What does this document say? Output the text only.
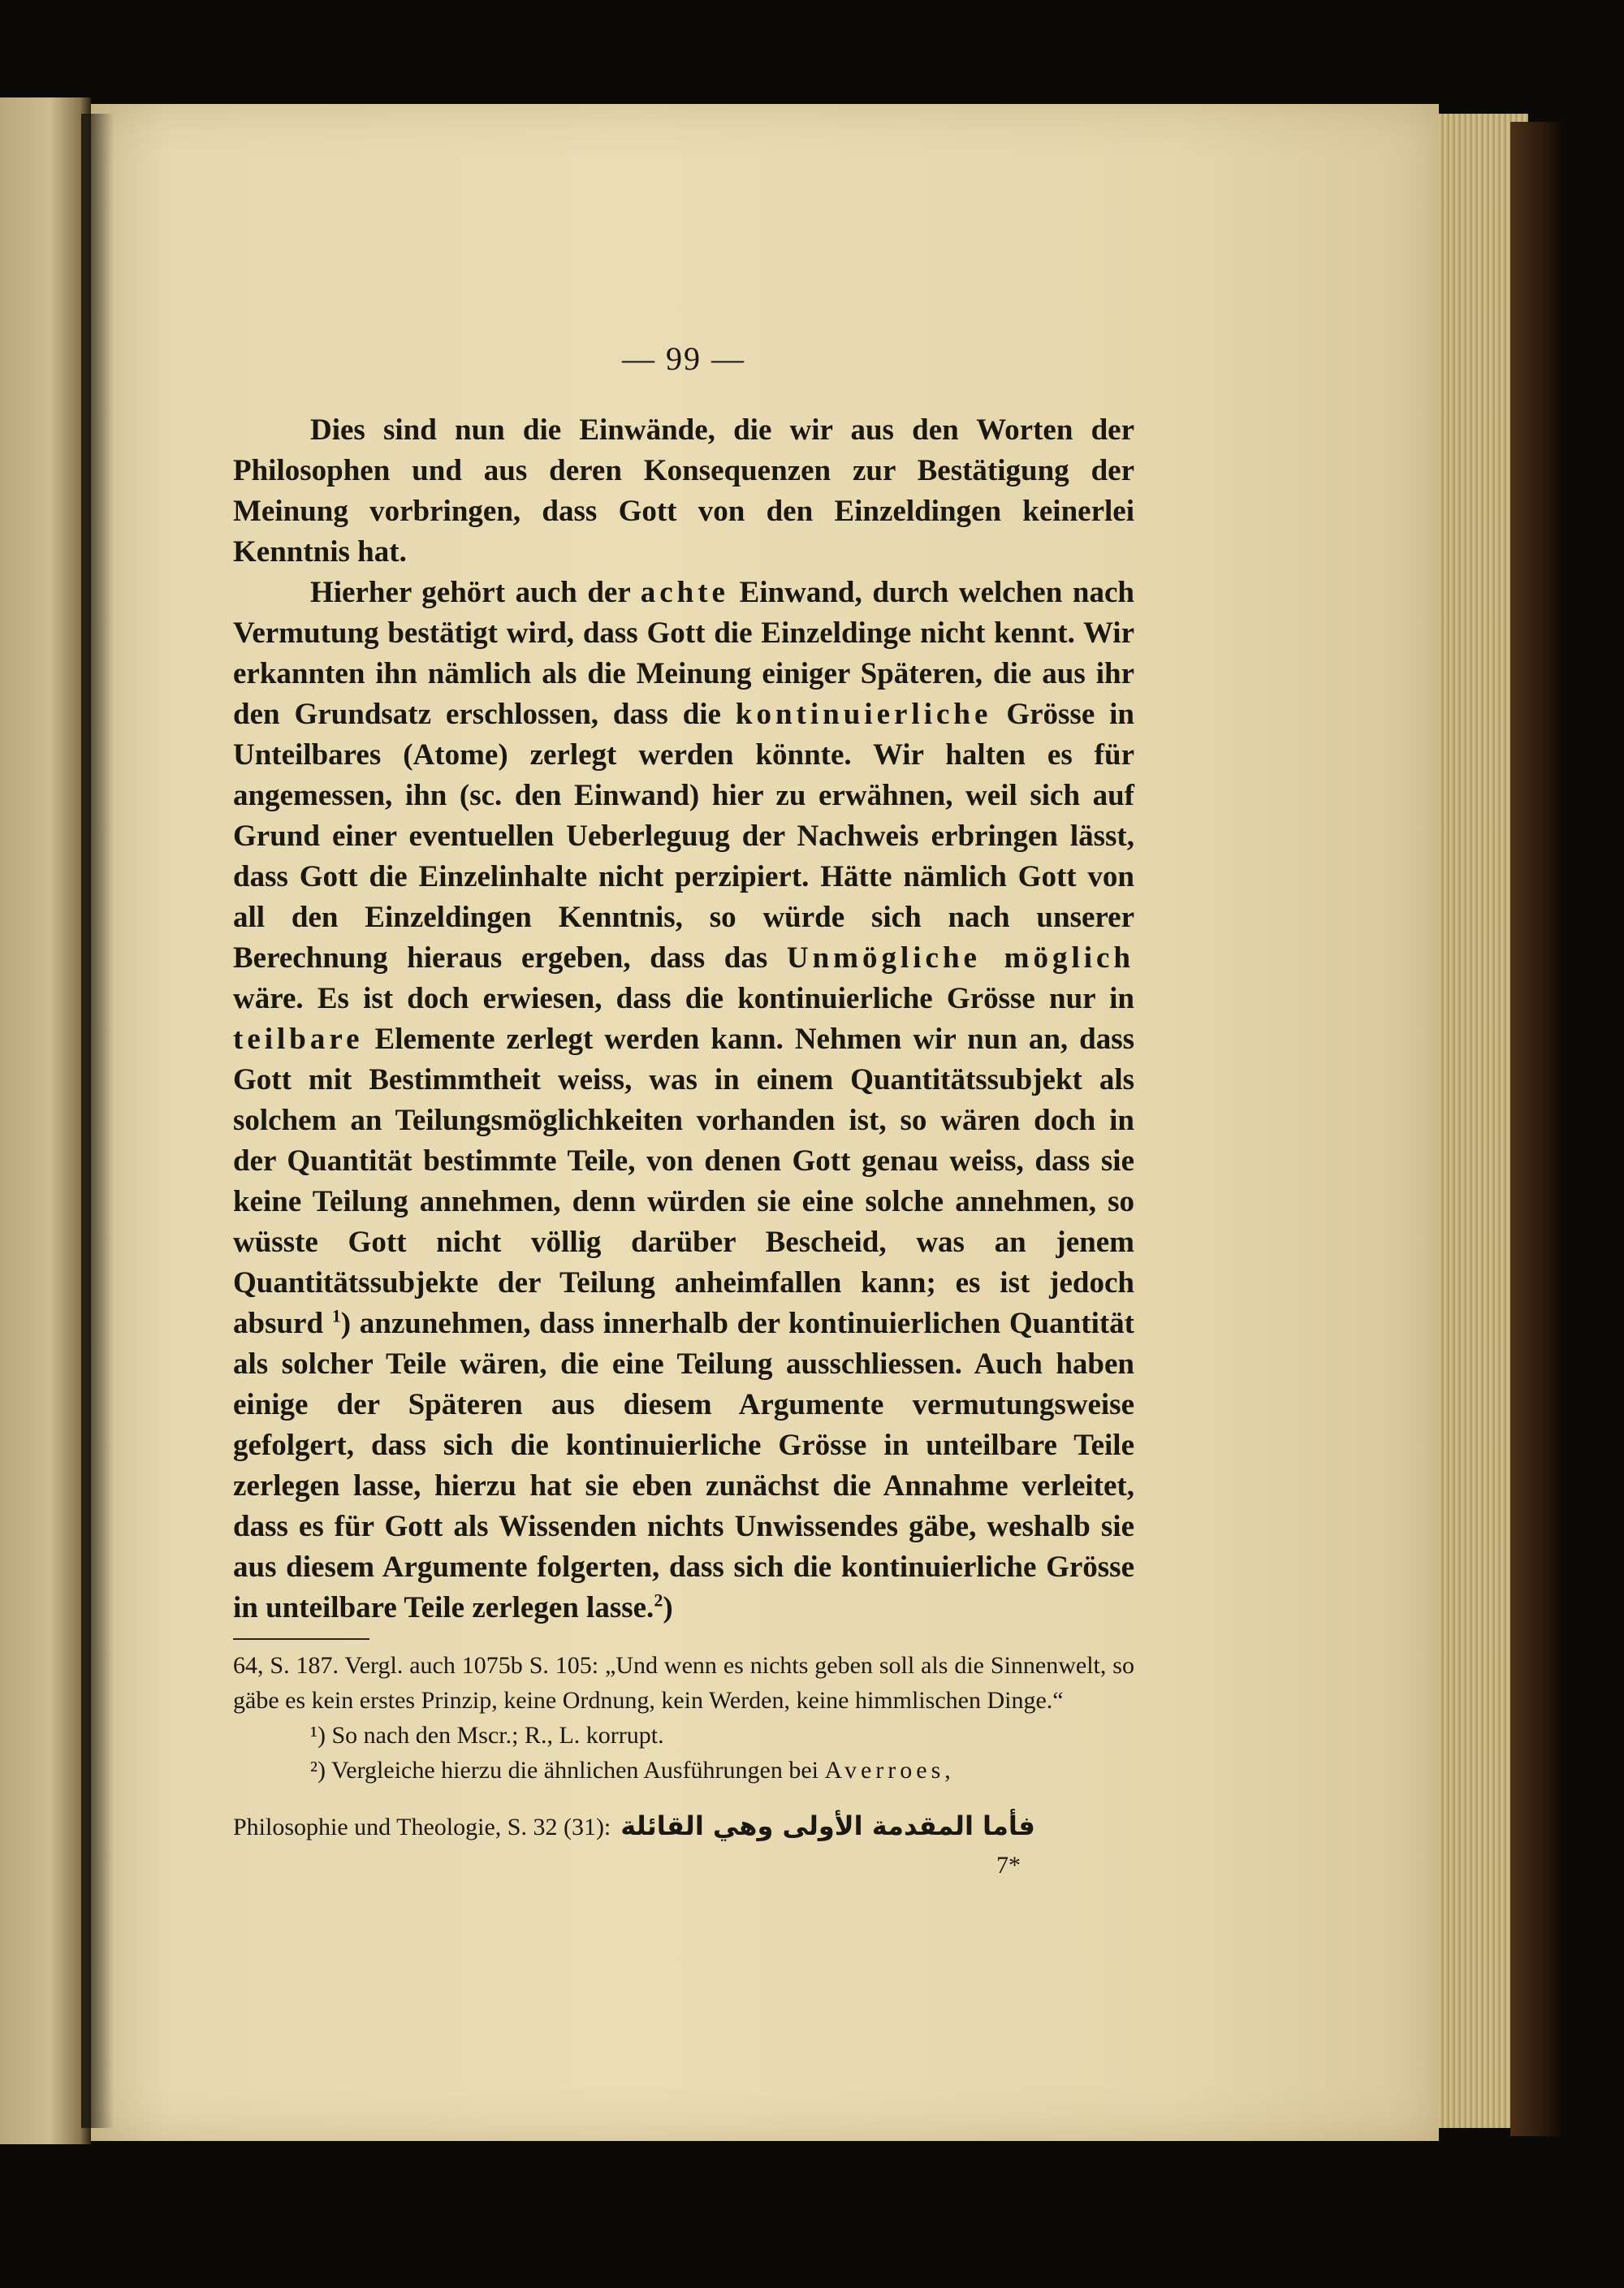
— 99 —

Dies sind nun die Einwände, die wir aus den Worten der Philosophen und aus deren Konsequenzen zur Bestätigung der Meinung vorbringen, dass Gott von den Einzeldingen keinerlei Kenntnis hat.

Hierher gehört auch der achte Einwand, durch welchen nach Vermutung bestätigt wird, dass Gott die Einzeldinge nicht kennt. Wir erkannten ihn nämlich als die Meinung einiger Späteren, die aus ihr den Grundsatz erschlossen, dass die kontinuierliche Grösse in Unteilbares (Atome) zerlegt werden könnte. Wir halten es für angemessen, ihn (sc. den Einwand) hier zu erwähnen, weil sich auf Grund einer eventuellen Ueberleguug der Nachweis erbringen lässt, dass Gott die Einzelinhalte nicht perzipiert. Hätte nämlich Gott von all den Einzeldingen Kenntnis, so würde sich nach unserer Berechnung hieraus ergeben, dass das Unmögliche möglich wäre. Es ist doch erwiesen, dass die kontinuierliche Grösse nur in teilbare Elemente zerlegt werden kann. Nehmen wir nun an, dass Gott mit Bestimmtheit weiss, was in einem Quantitätssubjekt als solchem an Teilungsmöglichkeiten vorhanden ist, so wären doch in der Quantität bestimmte Teile, von denen Gott genau weiss, dass sie keine Teilung annehmen, denn würden sie eine solche annehmen, so wüsste Gott nicht völlig darüber Bescheid, was an jenem Quantitätssubjekte der Teilung anheimfallen kann; es ist jedoch absurd $^1$) anzunehmen, dass innerhalb der kontinuierlichen Quantität als solcher Teile wären, die eine Teilung ausschliessen. Auch haben einige der Späteren aus diesem Argumente vermutungsweise gefolgert, dass sich die kontinuierliche Grösse in unteilbare Teile zerlegen lasse, hierzu hat sie eben zunächst die Annahme verleitet, dass es für Gott als Wissenden nichts Unwissendes gäbe, weshalb sie aus diesem Argumente folgerten, dass sich die kontinuierliche Grösse in unteilbare Teile zerlegen lasse.$^2$)

64, S. 187. Vergl. auch 1075b S. 105: „Und wenn es nichts geben soll als die Sinnenwelt, so gäbe es kein erstes Prinzip, keine Ordnung, kein Werden, keine himmlischen Dinge.“

¹) So nach den Mscr.; R., L. korrupt.

²) Vergleiche hierzu die ähnlichen Ausführungen bei Averroes,

Philosophie und Theologie, S. 32 (31): فأما المقدمة الأولى وهي القائلة

7*
